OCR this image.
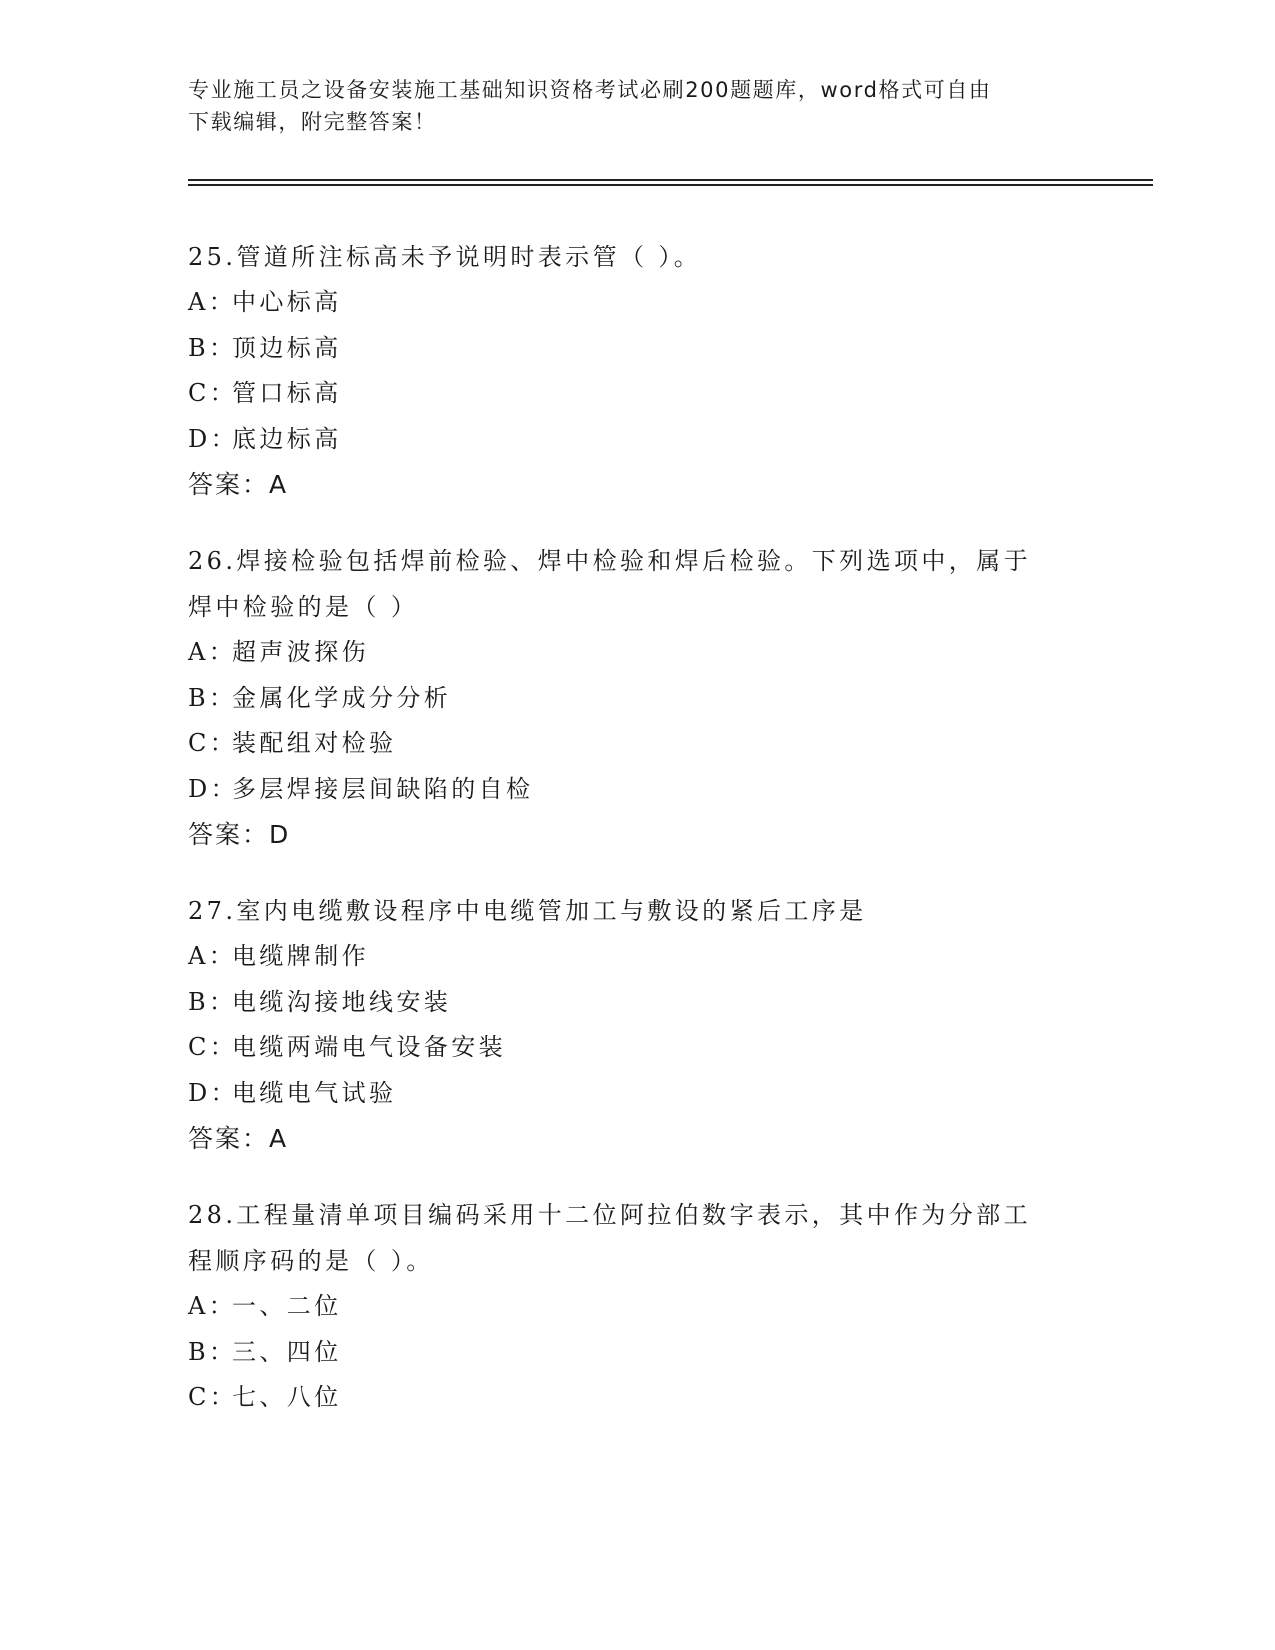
专业施工员之设备安装施工基础知识资格考试必刷200题题库，word格式可自由
下载编辑，附完整答案！
25.管道所注标高未予说明时表示管（ ）。
A：中心标高
B：顶边标高
C：管口标高
D：底边标高
答案：A
26.焊接检验包括焊前检验、焊中检验和焊后检验。下列选项中，属于
焊中检验的是（ ）
A：超声波探伤
B：金属化学成分分析
C：装配组对检验
D：多层焊接层间缺陷的自检
答案：D
27.室内电缆敷设程序中电缆管加工与敷设的紧后工序是
A：电缆牌制作
B：电缆沟接地线安装
C：电缆两端电气设备安装
D：电缆电气试验
答案：A
28.工程量清单项目编码采用十二位阿拉伯数字表示，其中作为分部工
程顺序码的是（ ）。
A：一、二位
B：三、四位
C：七、八位
